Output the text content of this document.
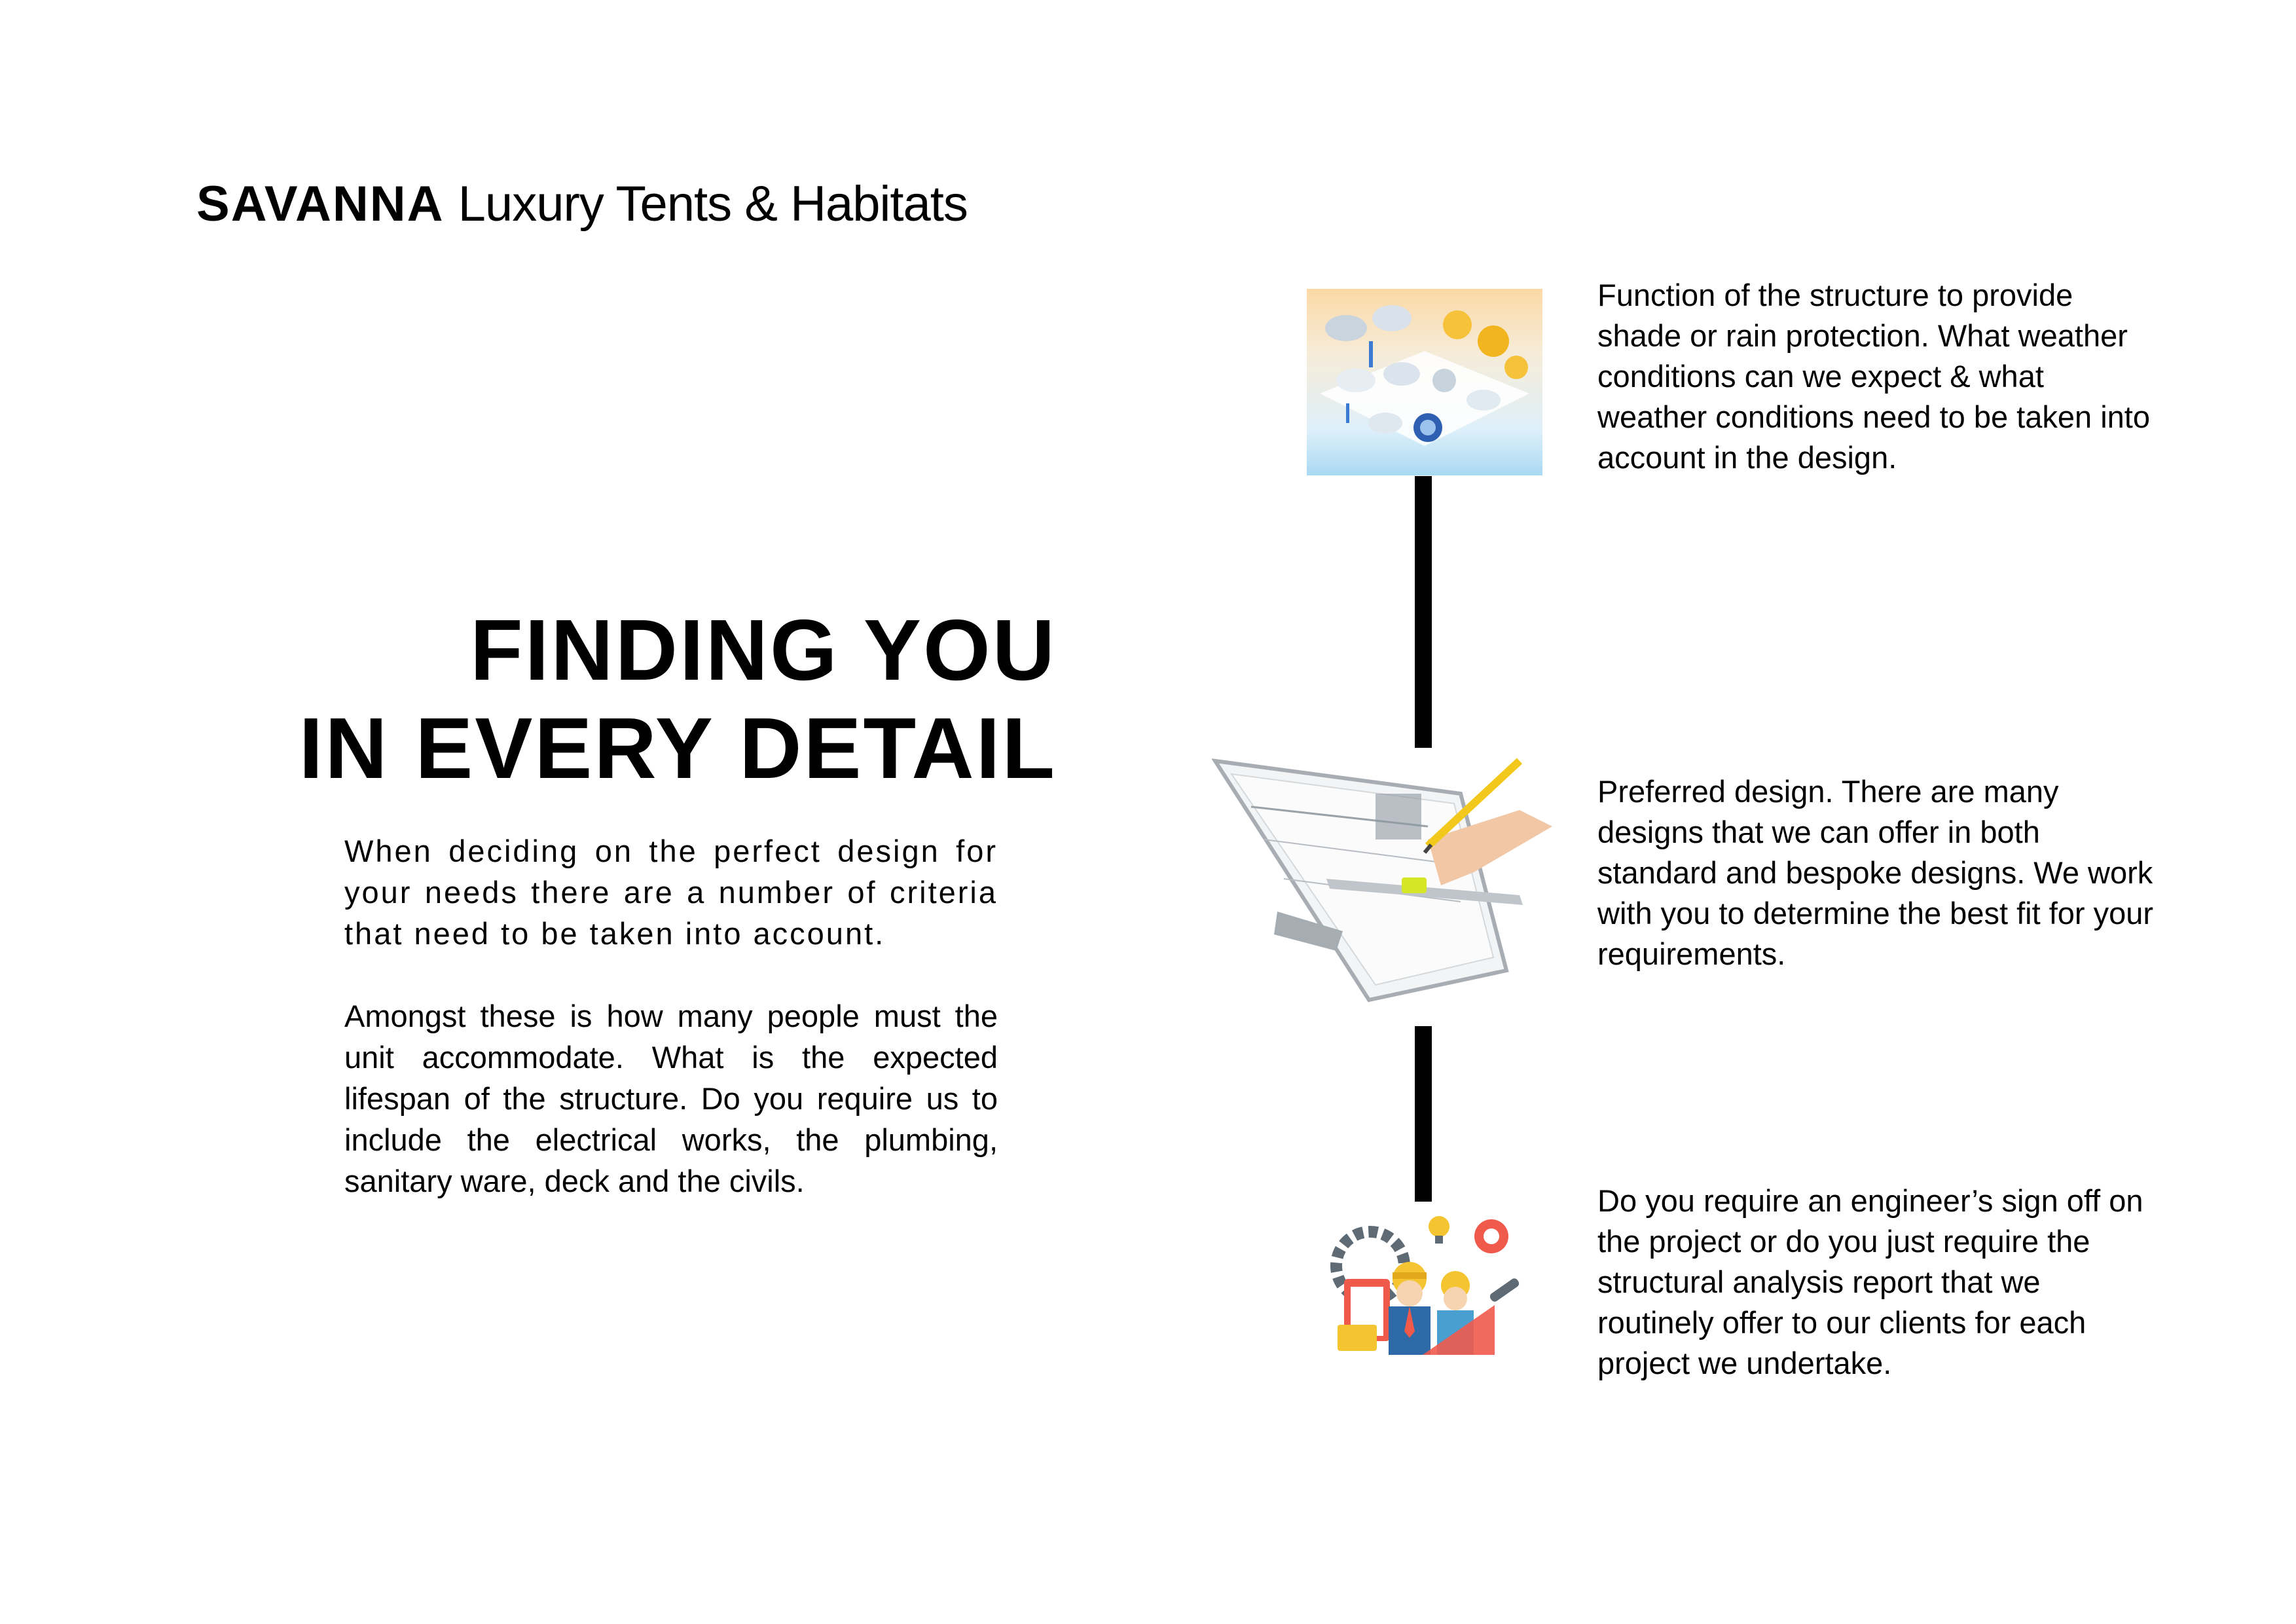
SAVANNA Luxury Tents & Habitats
FINDING YOU
IN EVERY DETAIL

When deciding on the perfect design for your needs there are a number of criteria that need to be taken into account.

Amongst these is how many people must the unit accommodate. What is the expected lifespan of the structure. Do you require us to include the electrical works, the plumbing, sanitary ware, deck and the civils.

Function of the structure to provide shade or rain protection. What weather conditions can we expect & what weather conditions need to be taken into account in the design.
Preferred design. There are many designs that we can offer in both standard and bespoke designs. We work with you to determine the best fit for your requirements.
Do you require an engineer’s sign off on the project or do you just require the structural analysis report that we routinely offer to our clients for each project we undertake.
